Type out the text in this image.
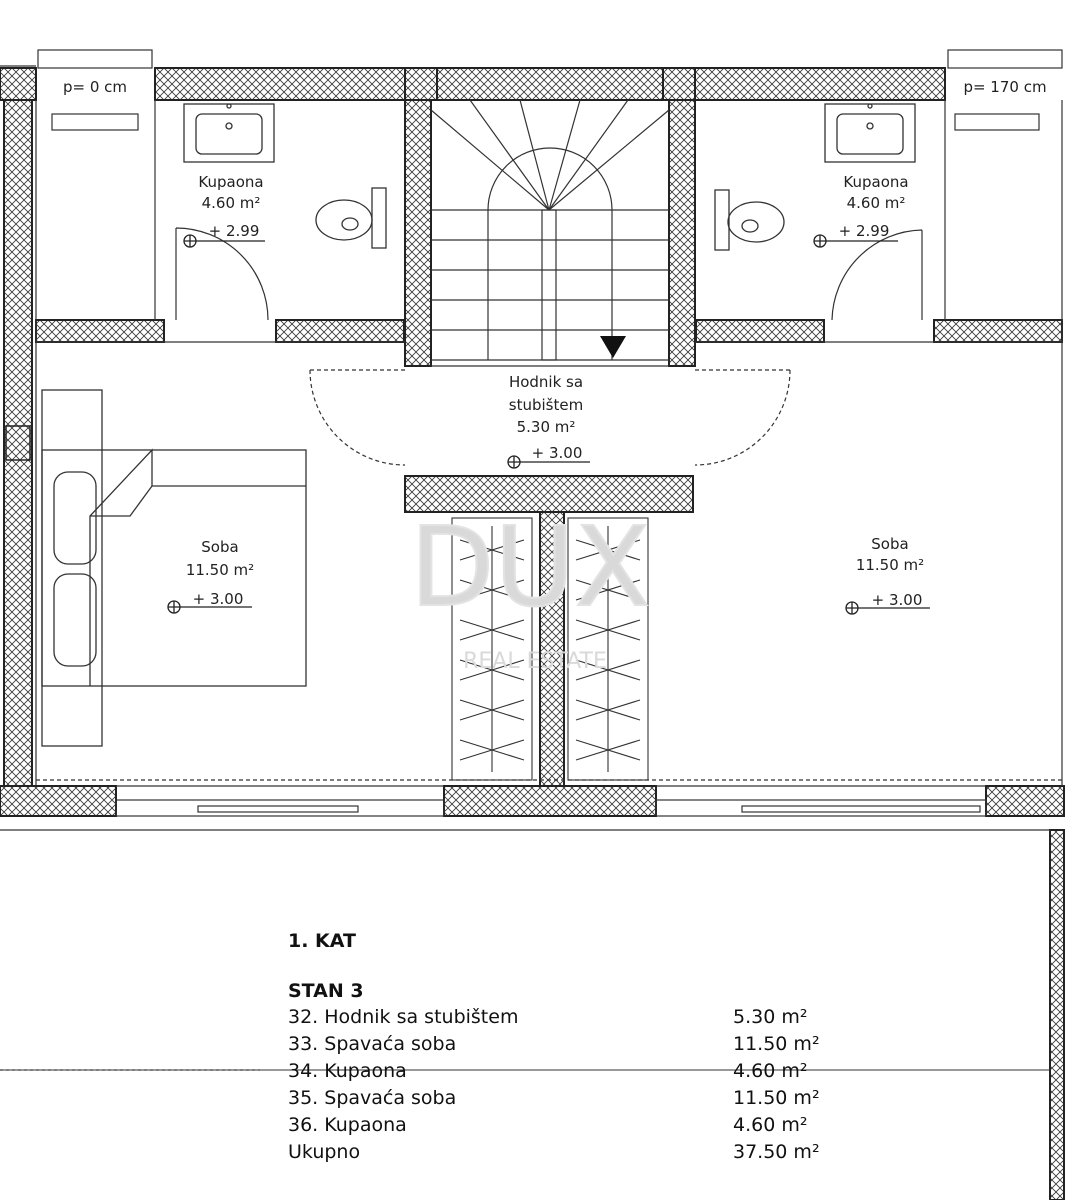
DUX
REAL ESTATE
p= 0 cm	p= 170 cm
Kupaona
4.60 m²
+ 2.99
Kupaona
4.60 m²
+ 2.99
Hodnik sa
stubištem
5.30 m²
+ 3.00
Soba
11.50 m²
+ 3.00
Soba
11.50 m²
+ 3.00
1. KAT
STAN 3
32. Hodnik sa stubištem	5.30 m²
33. Spavaća soba	11.50 m²
34. Kupaona	4.60 m²
35. Spavaća soba	11.50 m²
36. Kupaona	4.60 m²
Ukupno	37.50 m²
